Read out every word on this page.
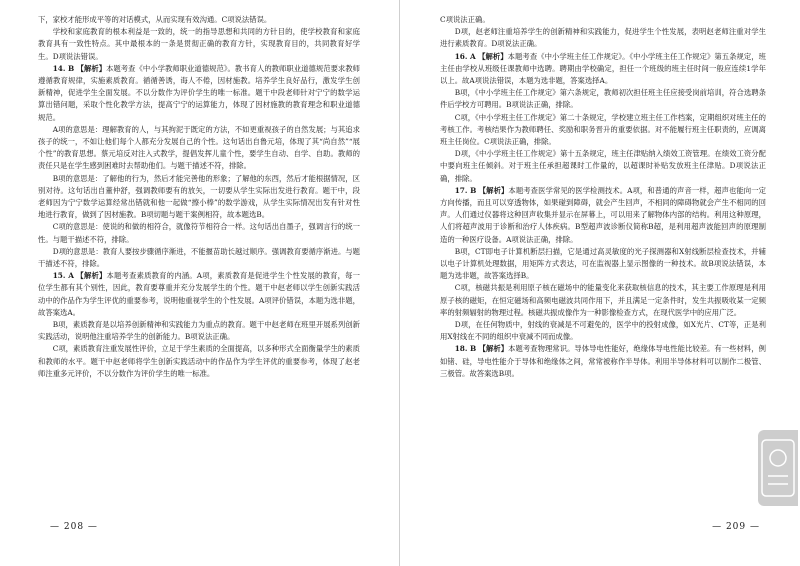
下，家校才能形成平等的对话模式，从而实现有效沟通。C项说法错误。

学校和家庭教育的根本利益是一致的，统一的指导思想和共同的方针目的，使学校教育和家庭教育具有一致性特点。其中最根本的一条是贯彻正确的教育方针，实现教育目的，共同教育好学生。D项说法错误。

14. B 【解析】本题考查《中小学教师职业道德规范》。教书育人的教师职业道德规范要求教师遵循教育规律，实施素质教育。循循善诱，诲人不倦，因材施教。培养学生良好品行，激发学生创新精神，促进学生全面发展。不以分数作为评价学生的唯一标准。题干中段老师针对宁宁的数学运算出错问题，采取个性化教学方法，提高宁宁的运算能力，体现了因材施教的教育理念和职业道德规范。

A项的意思是：理解教育的人，与其拘泥于既定的方法，不如更重视孩子的自然发展；与其追求孩子的统一，不如让他们每个人都充分发展自己的个性。这句话出自鲁元培，体现了其“尚自然”“展个性”的教育思想。蔡元培反对注入式教学，提倡发挥儿童个性，要学生自动、自学、自助。教师的责任只是在学生感到困难时去帮助他们。与题干描述不符，排除。

B项的意思是：了解他的行为，然后才能完善他的形象；了解他的东西，然后才能根据情况，区别对待。这句话出自董仲舒，强调教师要有的放矢，一切要从学生实际出发进行教育。题干中，段老师因为宁宁数学运算经常出错就和他一起做“擦小棒”的数学游戏，从学生实际情况出发有针对性地进行教育，做到了因材施教。B项切题与题干案例相符，故本题选B。

C项的意思是：使说的和做的相符合，就像符节相符合一样。这句话出自墨子，强调言行的统一性。与题干描述不符，排除。

D项的意思是：教育人要按步骤循序渐进，不能揠苗助长越过顺序。强调教育要循序渐进。与题干描述不符，排除。

15. A 【解析】本题考查素质教育的内涵。A项，素质教育是促进学生个性发展的教育，每一位学生都有其个别性，因此，教育要尊重并充分发展学生的个性。题干中赵老师以学生创新实践活动中的作品作为学生评优的重要参考，说明他重视学生的个性发展。A项评价错误，本题为选非题，故答案选A。

B项，素质教育是以培养创新精神和实践能力为重点的教育。题干中赵老师在班里开展系列创新实践活动，说明他注重培养学生的创新能力。B项说法正确。

C项，素质教育注重发展性评价，立足于学生素质的全面提高，以多种形式全面衡量学生的素质和教师的水平。题干中赵老师将学生创新实践活动中的作品作为学生评优的重要参考，体现了赵老师注重多元评价，不以分数作为评价学生的唯一标准。

— 208 —

C项说法正确。

D项，赵老师注重培养学生的创新精神和实践能力，促进学生个性发展，表明赵老师注重对学生进行素质教育。D项说法正确。

16. A 【解析】本题考查《中小学班主任工作规定》。《中小学班主任工作规定》第五条规定，班主任由学校从班级任课教师中选聘。聘期由学校确定，担任一个班级的班主任时间一般应连续1学年以上。故A项说法错误，本题为选非题，答案选择A。

B项，《中小学班主任工作规定》第六条规定，教师初次担任班主任应接受岗前培训，符合选聘条件后学校方可聘用。B项说法正确，排除。

C项，《中小学班主任工作规定》第二十条规定，学校建立班主任工作档案，定期组织对班主任的考核工作。考核结果作为教师聘任、奖励和职务晋升的重要依据。对不能履行班主任职责的，应调离班主任岗位。C项说法正确，排除。

D项，《中小学班主任工作规定》第十五条规定，班主任津贴纳入绩效工资管理。在绩效工资分配中要向班主任倾斜。对于班主任承担超课时工作量的，以超课时补贴发放班主任津贴。D项说法正确，排除。

17. B 【解析】本题考查医学常见的医学检测技术。A项，和普通的声音一样，超声也能向一定方向传播，而且可以穿透物体，如果碰到障碍，就会产生回声，不相同的障碍物就会产生不相同的回声。人们通过仪器将这种回声收集并显示在屏幕上，可以用来了解物体内部的结构。利用这种原理，人们将超声波用于诊断和治疗人体疾病。B型超声波诊断仪简称B超，是利用超声波能回声的原理制造的一种医疗设备。A项说法正确，排除。

B项，CT即电子计算机断层扫描，它是通过高灵敏度的光子探测器和X射线断层检查技术，并辅以电子计算机处理数据，用矩阵方式表达，可在监视器上显示图像的一种技术。故B项说法错误，本题为选非题，故答案选择B。

C项，核磁共振是利用原子核在磁场中的能量变化来获取核信息的技术，其主要工作原理是利用原子核的磁矩，在恒定磁场和高频电磁波共同作用下，并且满足一定条件时，发生共振吸收某一定频率的射频辐射的物理过程。核磁共振成像作为一种影像检查方式，在现代医学中的应用广泛。

D项，在任何物质中，射线的衰减是不可避免的，医学中的投射成像，如X光片、CT等，正是利用X射线在不同的组织中衰减不同而成像。

18. B 【解析】本题考查物理常识。导体导电性能好，绝缘体导电性能比较差。有一些材料，例如锗、硅，导电性能介于导体和绝缘体之间，常常被称作半导体。利用半导体材料可以制作二极管、三极管。故答案选B项。

— 209 —
